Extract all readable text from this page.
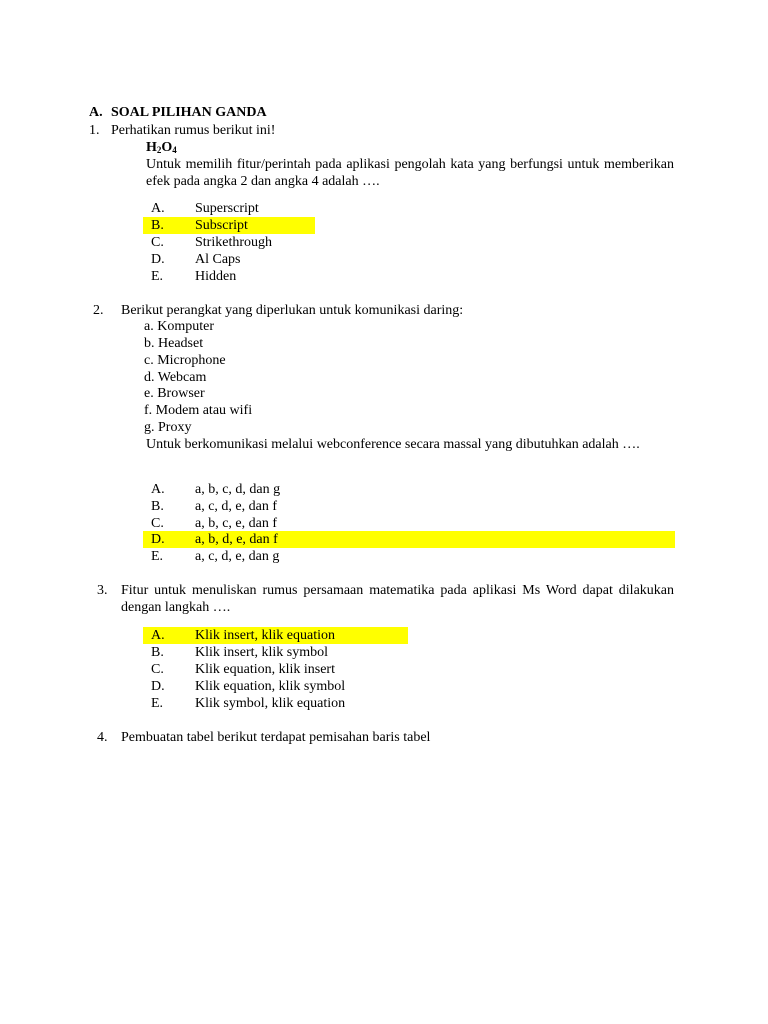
A. SOAL PILIHAN GANDA
1. Perhatikan rumus berikut ini!
$H_2O_4$
Untuk memilih fitur/perintah pada aplikasi pengolah kata yang berfungsi untuk memberikan efek pada angka 2 dan angka 4 adalah ….
A. Superscript
B. Subscript
C. Strikethrough
D. Al Caps
E. Hidden
2. Berikut perangkat yang diperlukan untuk komunikasi daring:
a. Komputer
b. Headset
c. Microphone
d. Webcam
e. Browser
f. Modem atau wifi
g. Proxy
Untuk berkomunikasi melalui webconference secara massal yang dibutuhkan adalah ….
A. a, b, c, d, dan g
B. a, c, d, e, dan f
C. a, b, c, e, dan f
D. a, b, d, e, dan f
E. a, c, d, e, dan g
3. Fitur untuk menuliskan rumus persamaan matematika pada aplikasi Ms Word dapat dilakukan dengan langkah ….
A. Klik insert, klik equation
B. Klik insert, klik symbol
C. Klik equation, klik insert
D. Klik equation, klik symbol
E. Klik symbol, klik equation
4. Pembuatan tabel berikut terdapat pemisahan baris tabel
